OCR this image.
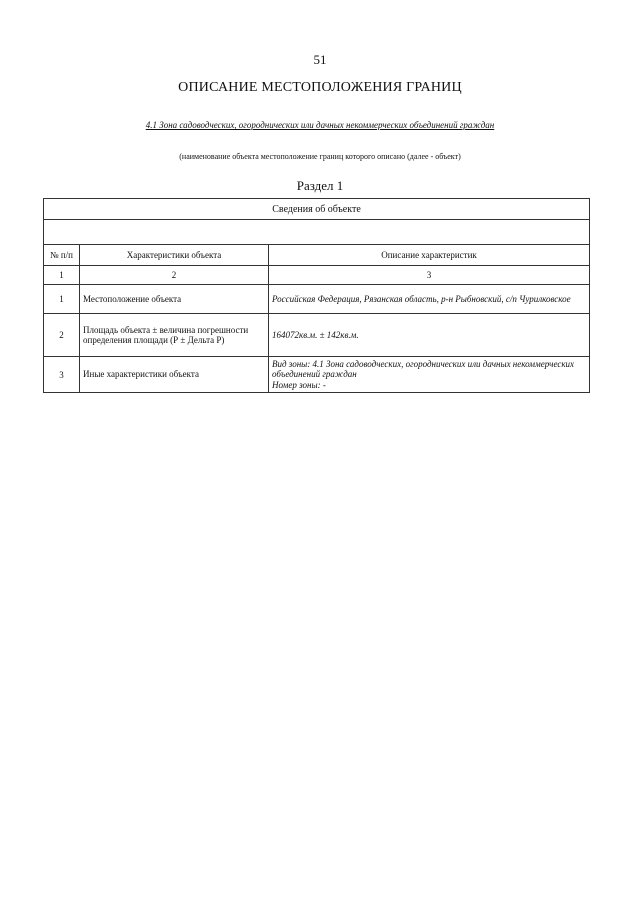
51
ОПИСАНИЕ МЕСТОПОЛОЖЕНИЯ ГРАНИЦ
4.1 Зона садоводческих, огороднических или дачных некоммерческих объединений граждан
(наименование объекта местоположение границ которого описано (далее - объект)
Раздел 1
Сведения об объекте		

№ п/п	Характеристики объекта	Описание характеристик
1	2	3
1	Местоположение объекта	Российская Федерация, Рязанская область, р-н Рыбновский, с/п Чурилковское
2	Площадь объекта ± величина погрешности определения площади (Р ± Дельта Р)	164072кв.м. ± 142кв.м.
3	Иные характеристики объекта	Вид зоны: 4.1 Зона садоводческих, огороднических или дачных некоммерческих объединений граждан
Номер зоны: -
